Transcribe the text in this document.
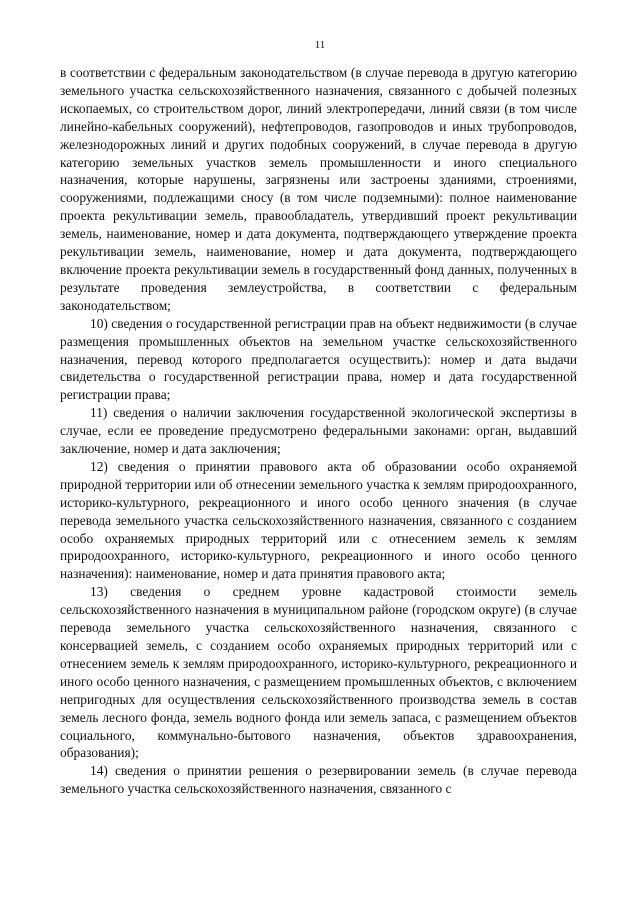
11

в соответствии с федеральным законодательством (в случае перевода в другую категорию земельного участка сельскохозяйственного назначения, связанного с добычей полезных ископаемых, со строительством дорог, линий электропередачи, линий связи (в том числе линейно-кабельных сооружений), нефтепроводов, газопроводов и иных трубопроводов, железнодорожных линий и других подобных сооружений, в случае перевода в другую категорию земельных участков земель промышленности и иного специального назначения, которые нарушены, загрязнены или застроены зданиями, строениями, сооружениями, подлежащими сносу (в том числе подземными): полное наименование проекта рекультивации земель, правообладатель, утвердивший проект рекультивации земель, наименование, номер и дата документа, подтверждающего утверждение проекта рекультивации земель, наименование, номер и дата документа, подтверждающего включение проекта рекультивации земель в государственный фонд данных, полученных в результате проведения землеустройства, в соответствии с федеральным законодательством;

10) сведения о государственной регистрации прав на объект недвижимости (в случае размещения промышленных объектов на земельном участке сельскохозяйственного назначения, перевод которого предполагается осуществить): номер и дата выдачи свидетельства о государственной регистрации права, номер и дата государственной регистрации права;

11) сведения о наличии заключения государственной экологической экспертизы в случае, если ее проведение предусмотрено федеральными законами: орган, выдавший заключение, номер и дата заключения;

12) сведения о принятии правового акта об образовании особо охраняемой природной территории или об отнесении земельного участка к землям природоохранного, историко-культурного, рекреационного и иного особо ценного значения (в случае перевода земельного участка сельскохозяйственного назначения, связанного с созданием особо охраняемых природных территорий или с отнесением земель к землям природоохранного, историко-культурного, рекреационного и иного особо ценного назначения): наименование, номер и дата принятия правового акта;

13) сведения о среднем уровне кадастровой стоимости земель сельскохозяйственного назначения в муниципальном районе (городском округе) (в случае перевода земельного участка сельскохозяйственного назначения, связанного с консервацией земель, с созданием особо охраняемых природных территорий или с отнесением земель к землям природоохранного, историко-культурного, рекреационного и иного особо ценного назначения, с размещением промышленных объектов, с включением непригодных для осуществления сельскохозяйственного производства земель в состав земель лесного фонда, земель водного фонда или земель запаса, с размещением объектов социального, коммунально-бытового назначения, объектов здравоохранения, образования);

14) сведения о принятии решения о резервировании земель (в случае перевода земельного участка сельскохозяйственного назначения, связанного с
